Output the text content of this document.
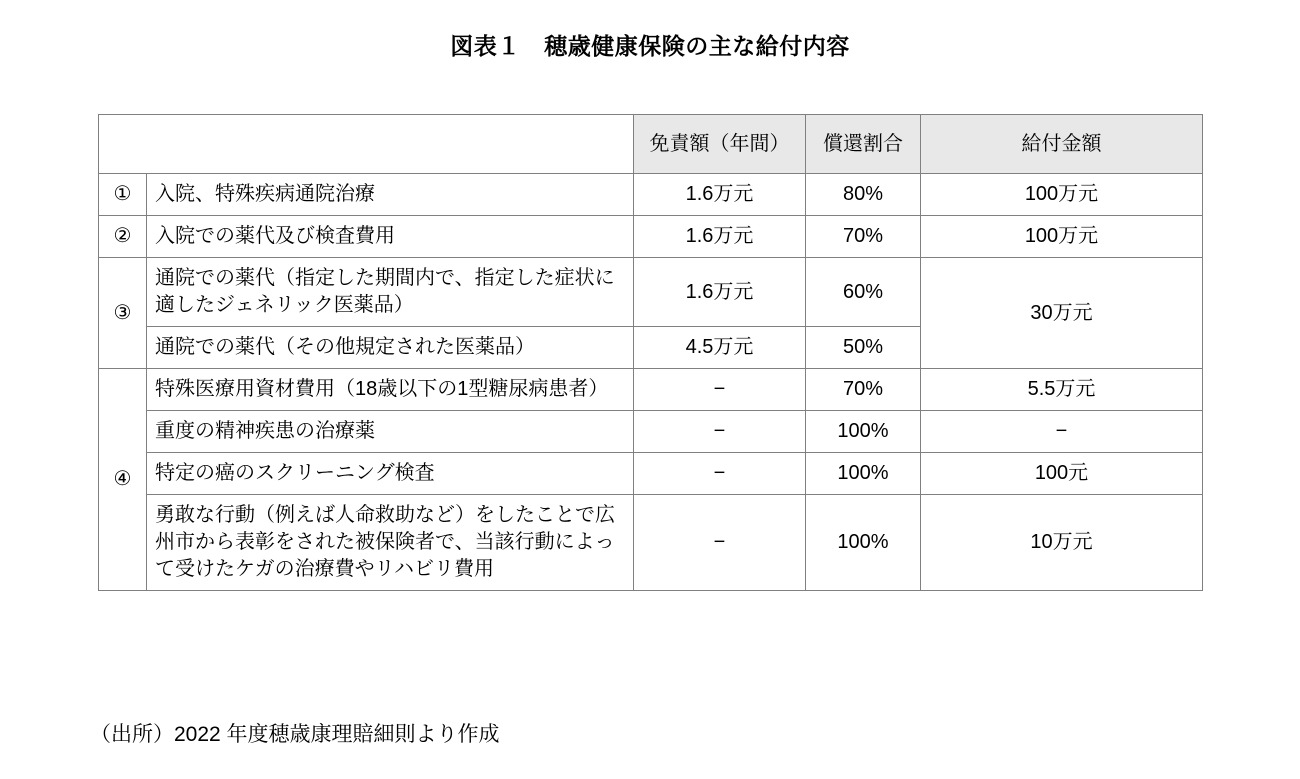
図表１　穂歳健康保険の主な給付内容
		免責額（年間）	償還割合	給付金額
①	入院、特殊疾病通院治療	1.6万元	80%	100万元
②	入院での薬代及び検査費用	1.6万元	70%	100万元
③	通院での薬代（指定した期間内で、指定した症状に適したジェネリック医薬品）	1.6万元	60%	30万元
	通院での薬代（その他規定された医薬品）	4.5万元	50%	
④	特殊医療用資材費用（18歳以下の1型糖尿病患者）	−	70%	5.5万元
	重度の精神疾患の治療薬	−	100%	−
	特定の癌のスクリーニング検査	−	100%	100元
	勇敢な行動（例えば人命救助など）をしたことで広州市から表彰をされた被保険者で、当該行動によって受けたケガの治療費やリハビリ費用	−	100%	10万元
（出所）2022 年度穂歳康理賠細則より作成
